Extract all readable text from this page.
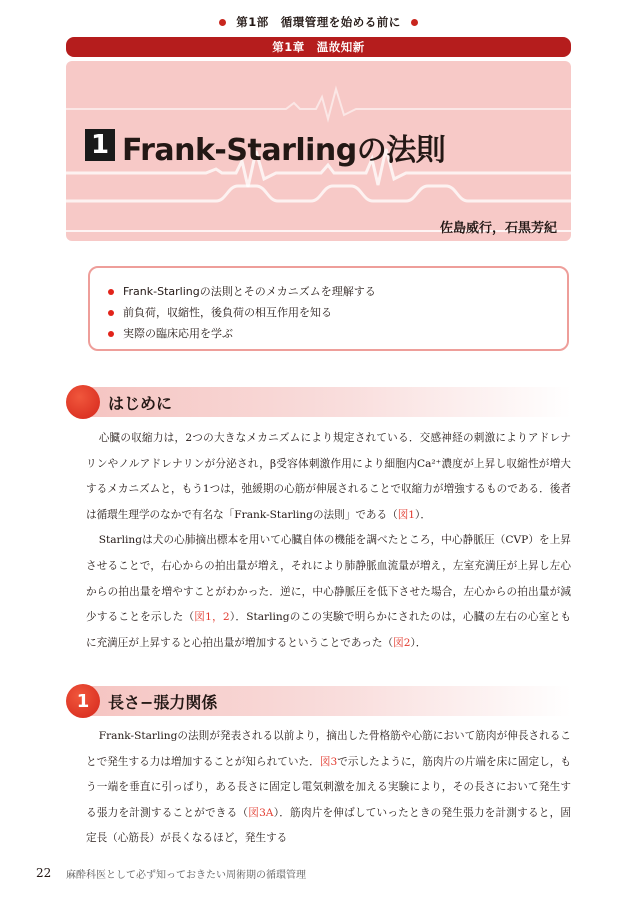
第1部　循環管理を始める前に
第1章　温故知新
1 Frank-Starlingの法則
佐島威行，石黒芳紀
Frank-Starlingの法則とそのメカニズムを理解する
前負荷，収縮性，後負荷の相互作用を知る
実際の臨床応用を学ぶ
はじめに

心臓の収縮力は，2つの大きなメカニズムにより規定されている．交感神経の刺激によりアドレナリンやノルアドレナリンが分泌され，β受容体刺激作用により細胞内Ca²⁺濃度が上昇し収縮性が増大するメカニズムと，もう1つは，弛緩期の心筋が伸展されることで収縮力が増強するものである．後者は循環生理学のなかで有名な「Frank-Starlingの法則」である（図1）．

Starlingは犬の心肺摘出標本を用いて心臓自体の機能を調べたところ，中心静脈圧（CVP）を上昇させることで，右心からの拍出量が増え，それにより肺静脈血流量が増え，左室充満圧が上昇し左心からの拍出量を増やすことがわかった．逆に，中心静脈圧を低下させた場合，左心からの拍出量が減少することを示した（図1，2）．Starlingのこの実験で明らかにされたのは，心臓の左右の心室ともに充満圧が上昇すると心拍出量が増加するということであった（図2）．

1	長さ−張力関係

Frank-Starlingの法則が発表される以前より，摘出した骨格筋や心筋において筋肉が伸長されることで発生する力は増加することが知られていた．図3で示したように，筋肉片の片端を床に固定し，もう一端を垂直に引っぱり，ある長さに固定し電気刺激を加える実験により，その長さにおいて発生する張力を計測することができる（図3A）．筋肉片を伸ばしていったときの発生張力を計測すると，固定長（心筋長）が長くなるほど，発生する

22 麻酔科医として必ず知っておきたい周術期の循環管理
